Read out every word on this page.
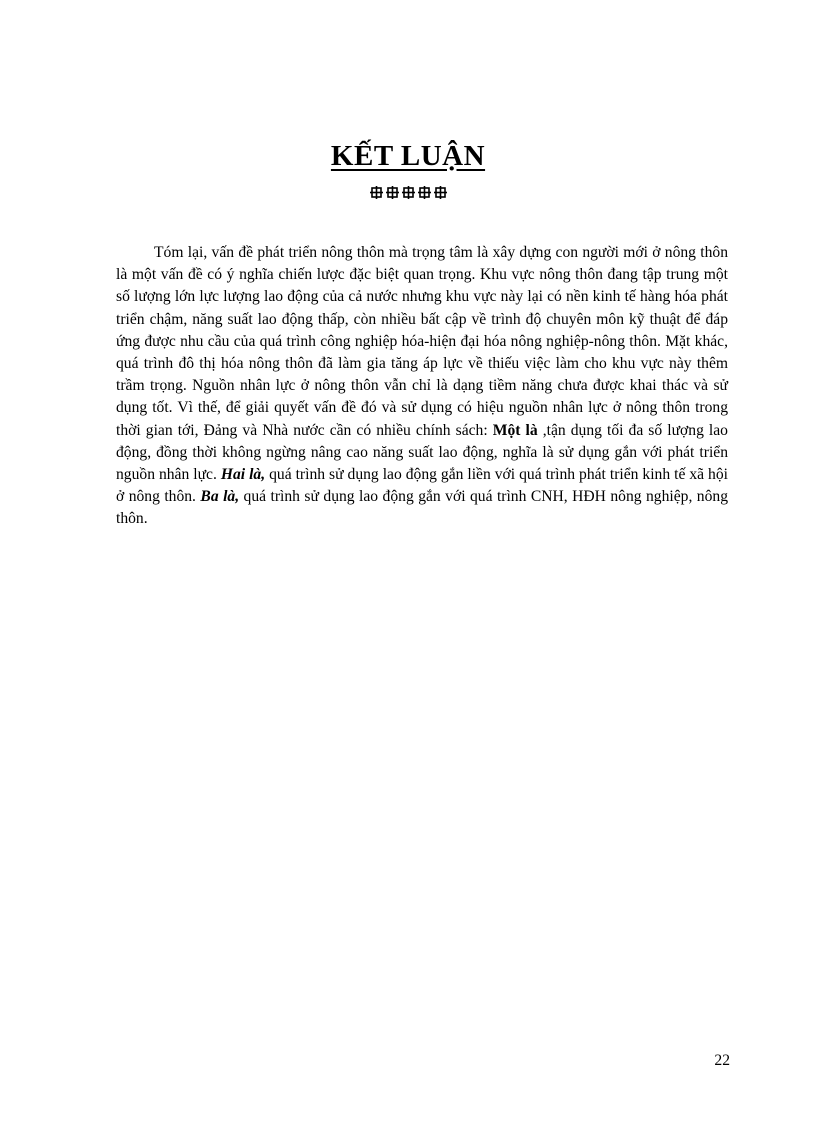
KẾT LUẬN

Tóm lại, vấn đề phát triển nông thôn mà trọng tâm là xây dựng con người mới ở nông thôn là một vấn đề có ý nghĩa chiến lược đặc biệt quan trọng. Khu vực nông thôn đang tập trung một số lượng lớn lực lượng lao động của cả nước nhưng khu vực này lại có nền kinh tế hàng hóa phát triển chậm, năng suất lao động thấp, còn nhiều bất cập về trình độ chuyên môn kỹ thuật để đáp ứng được nhu cầu của quá trình công nghiệp hóa-hiện đại hóa nông nghiệp-nông thôn. Mặt khác, quá trình đô thị hóa nông thôn đã làm gia tăng áp lực về thiếu việc làm cho khu vực này thêm trầm trọng. Nguồn nhân lực ở nông thôn vẫn chỉ là dạng tiềm năng chưa được khai thác và sử dụng tốt. Vì thế, để giải quyết vấn đề đó và sử dụng có hiệu nguồn nhân lực ở nông thôn trong thời gian tới, Đảng và Nhà nước cần có nhiều chính sách: Một là ,tận dụng tối đa số lượng lao động, đồng thời không ngừng nâng cao năng suất lao động, nghĩa là sử dụng gắn với phát triển nguồn nhân lực. Hai là, quá trình sử dụng lao động gắn liền với quá trình phát triển kinh tế xã hội ở nông thôn. Ba là, quá trình sử dụng lao động gắn với quá trình CNH, HĐH nông nghiệp, nông thôn.

22
